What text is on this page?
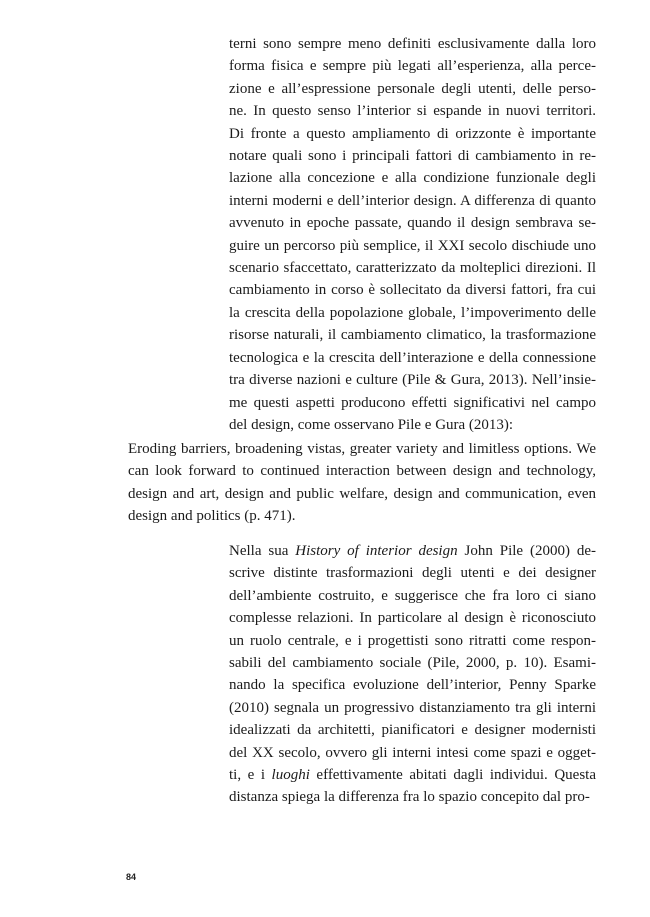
terni sono sempre meno definiti esclusivamente dalla loro
forma fisica e sempre più legati all’esperienza, alla perce-
zione e all’espressione personale degli utenti, delle perso-
ne. In questo senso l’interior si espande in nuovi territori.
Di fronte a questo ampliamento di orizzonte è importante
notare quali sono i principali fattori di cambiamento in re-
lazione alla concezione e alla condizione funzionale degli
interni moderni e dell’interior design. A differenza di quanto
avvenuto in epoche passate, quando il design sembrava se-
guire un percorso più semplice, il XXI secolo dischiude uno
scenario sfaccettato, caratterizzato da molteplici direzioni. Il
cambiamento in corso è sollecitato da diversi fattori, fra cui
la crescita della popolazione globale, l’impoverimento delle
risorse naturali, il cambiamento climatico, la trasformazione
tecnologica e la crescita dell’interazione e della connessione
tra diverse nazioni e culture (Pile & Gura, 2013). Nell’insie-
me questi aspetti producono effetti significativi nel campo
del design, come osservano Pile e Gura (2013):
Eroding barriers, broadening vistas, greater variety and limitless options. We
can look forward to continued interaction between design and technology,
design and art, design and public welfare, design and communication, even
design and politics (p. 471).
Nella sua History of interior design John Pile (2000) de-
scrive distinte trasformazioni degli utenti e dei designer
dell’ambiente costruito, e suggerisce che fra loro ci siano
complesse relazioni. In particolare al design è riconosciuto
un ruolo centrale, e i progettisti sono ritratti come respon-
sabili del cambiamento sociale (Pile, 2000, p. 10). Esami-
nando la specifica evoluzione dell’interior, Penny Sparke
(2010) segnala un progressivo distanziamento tra gli interni
idealizzati da architetti, pianificatori e designer modernisti
del XX secolo, ovvero gli interni intesi come spazi e ogget-
ti, e i luoghi effettivamente abitati dagli individui. Questa
distanza spiega la differenza fra lo spazio concepito dal pro-
84
